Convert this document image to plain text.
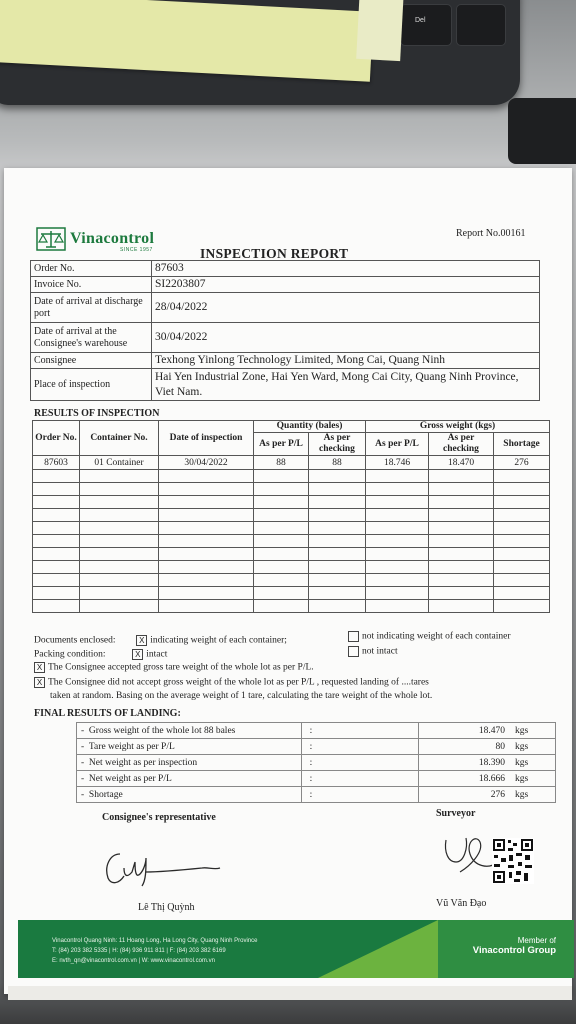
Del
Vinacontrol
SINCE 1957
Report No.00161
INSPECTION REPORT
Order No.	87603
Invoice No.	SI2203807
Date of arrival at discharge port	28/04/2022
Date of arrival at the Consignee's warehouse	30/04/2022
Consignee	Texhong Yinlong Technology Limited, Mong Cai, Quang Ninh
Place of inspection	Hai Yen Industrial Zone, Hai Yen Ward, Mong Cai City, Quang Ninh Province, Viet Nam.
RESULTS OF INSPECTION
Order No.	Container No.	Date of inspection	Quantity (bales)		Gross weight (kgs)		
			As per P/L	As per checking	As per P/L	As per checking	Shortage
87603	01 Container	30/04/2022	88	88	18.746	18.470	276

Documents enclosed:	X indicating weight of each container;	not indicating weight of each container
Packing condition:	X intact	not intact
X The Consignee accepted gross tare weight of the whole lot as per P/L.
X The Consignee did not accept gross weight of the whole lot as per P/L , requested landing of ....tares
taken at random. Basing on the average weight of 1 tare, calculating the tare weight of the whole lot.
FINAL RESULTS OF LANDING:
- Gross weight of the whole lot 88 bales	:		18.470	kgs
- Tare weight as per P/L	:		80	kgs
- Net weight as per inspection	:		18.390	kgs
- Net weight as per P/L	:		18.666	kgs
- Shortage	:		276	kgs
Consignee's representative	Surveyor
Lê Thị Quỳnh	Vũ Văn Đạo
Vinacontrol Quang Ninh: 11 Hoang Long, Ha Long City, Quang Ninh Province
T: (84) 203 382 5335 | H: (84) 936 911 811 | F: (84) 203 382 6169
E: nvth_qn@vinacontrol.com.vn | W: www.vinacontrol.com.vn
Member of
Vinacontrol Group
